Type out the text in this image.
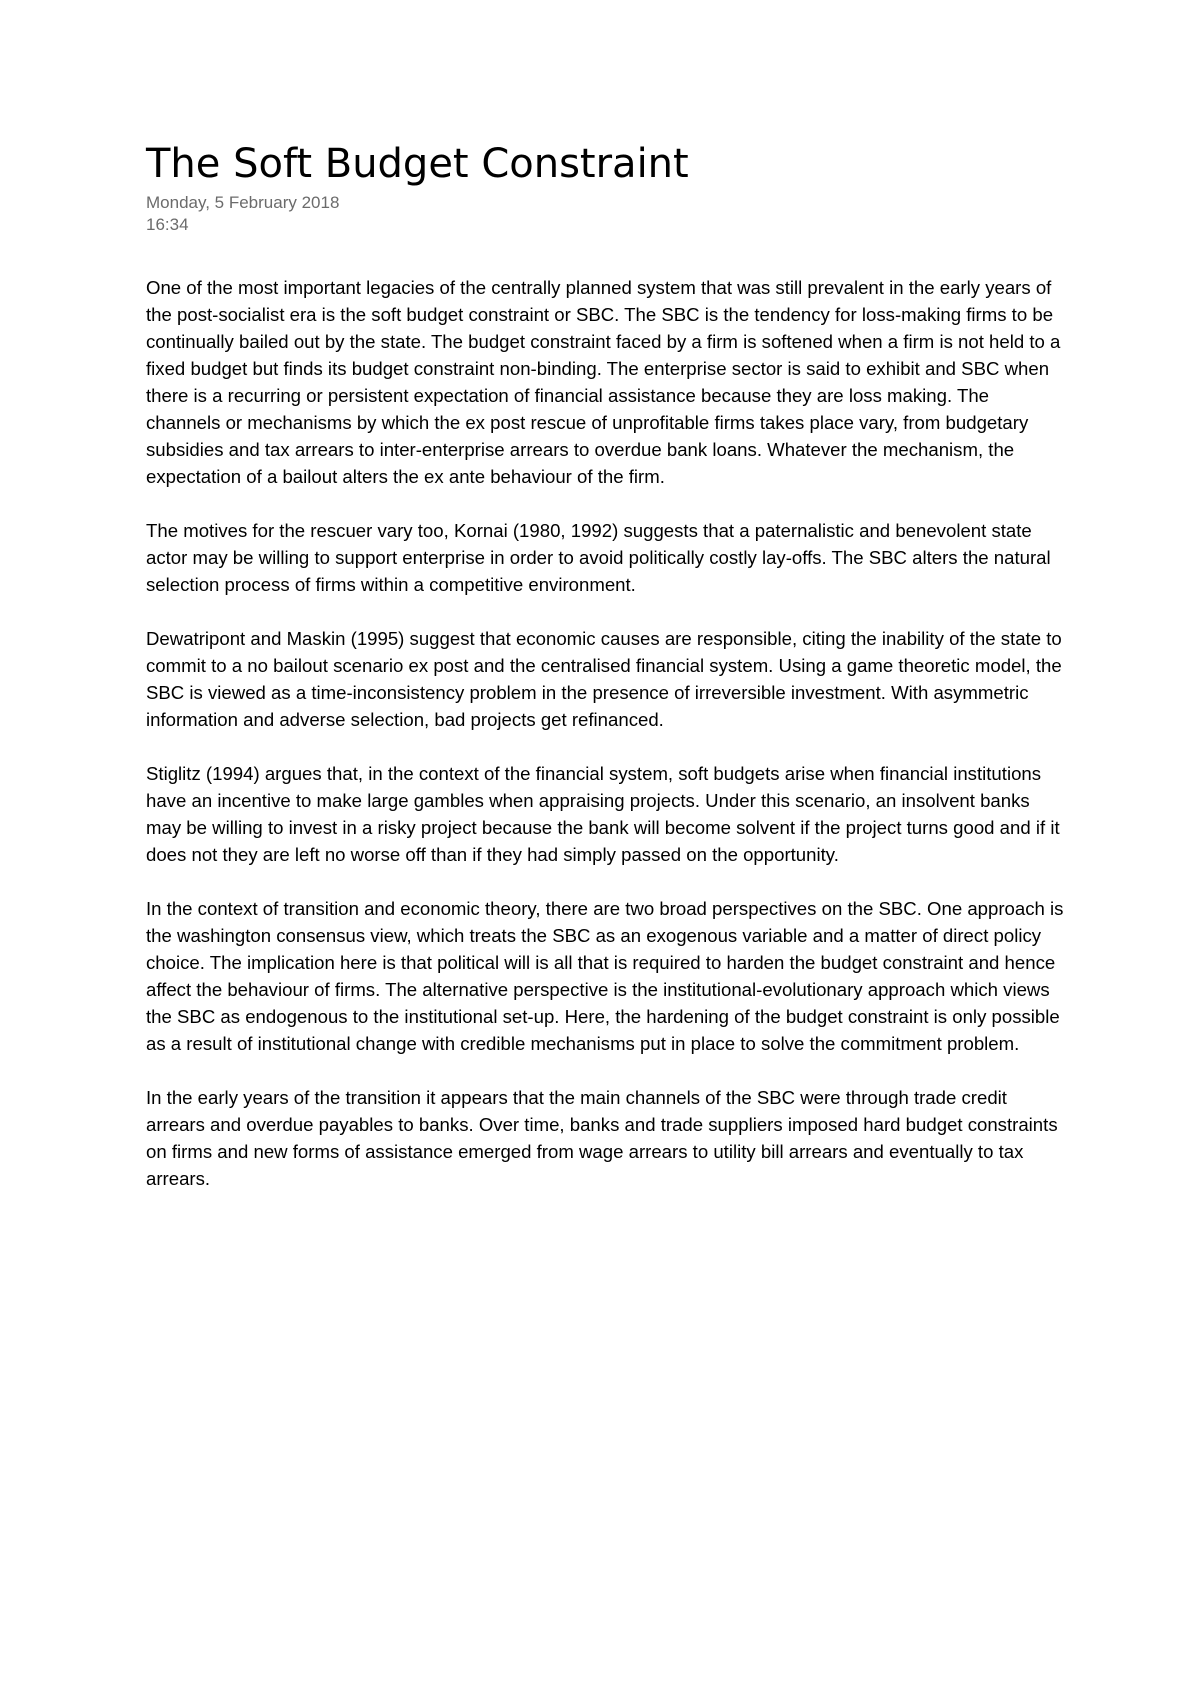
The Soft Budget Constraint

Monday, 5 February 2018

16:34

One of the most important legacies of the centrally planned system that was still prevalent in the early years of the post-socialist era is the soft budget constraint or SBC. The SBC is the tendency for loss-making firms to be continually bailed out by the state. The budget constraint faced by a firm is softened when a firm is not held to a fixed budget but finds its budget constraint non-binding. The enterprise sector is said to exhibit and SBC when there is a recurring or persistent expectation of financial assistance because they are loss making. The channels or mechanisms by which the ex post rescue of unprofitable firms takes place vary, from budgetary subsidies and tax arrears to inter-enterprise arrears to overdue bank loans. Whatever the mechanism, the expectation of a bailout alters the ex ante behaviour of the firm.

The motives for the rescuer vary too, Kornai (1980, 1992) suggests that a paternalistic and benevolent state actor may be willing to support enterprise in order to avoid politically costly lay-offs. The SBC alters the natural selection process of firms within a competitive environment.

Dewatripont and Maskin (1995) suggest that economic causes are responsible, citing the inability of the state to commit to a no bailout scenario ex post and the centralised financial system. Using a game theoretic model, the SBC is viewed as a time-inconsistency problem in the presence of irreversible investment. With asymmetric information and adverse selection, bad projects get refinanced.

Stiglitz (1994) argues that, in the context of the financial system, soft budgets arise when financial institutions have an incentive to make large gambles when appraising projects. Under this scenario, an insolvent banks may be willing to invest in a risky project because the bank will become solvent if the project turns good and if it does not they are left no worse off than if they had simply passed on the opportunity.

In the context of transition and economic theory, there are two broad perspectives on the SBC. One approach is the washington consensus view, which treats the SBC as an exogenous variable and a matter of direct policy choice. The implication here is that political will is all that is required to harden the budget constraint and hence affect the behaviour of firms. The alternative perspective is the institutional-evolutionary approach which views the SBC as endogenous to the institutional set-up. Here, the hardening of the budget constraint is only possible as a result of institutional change with credible mechanisms put in place to solve the commitment problem.

In the early years of the transition it appears that the main channels of the SBC were through trade credit arrears and overdue payables to banks. Over time, banks and trade suppliers imposed hard budget constraints on firms and new forms of assistance emerged from wage arrears to utility bill arrears and eventually to tax arrears.
